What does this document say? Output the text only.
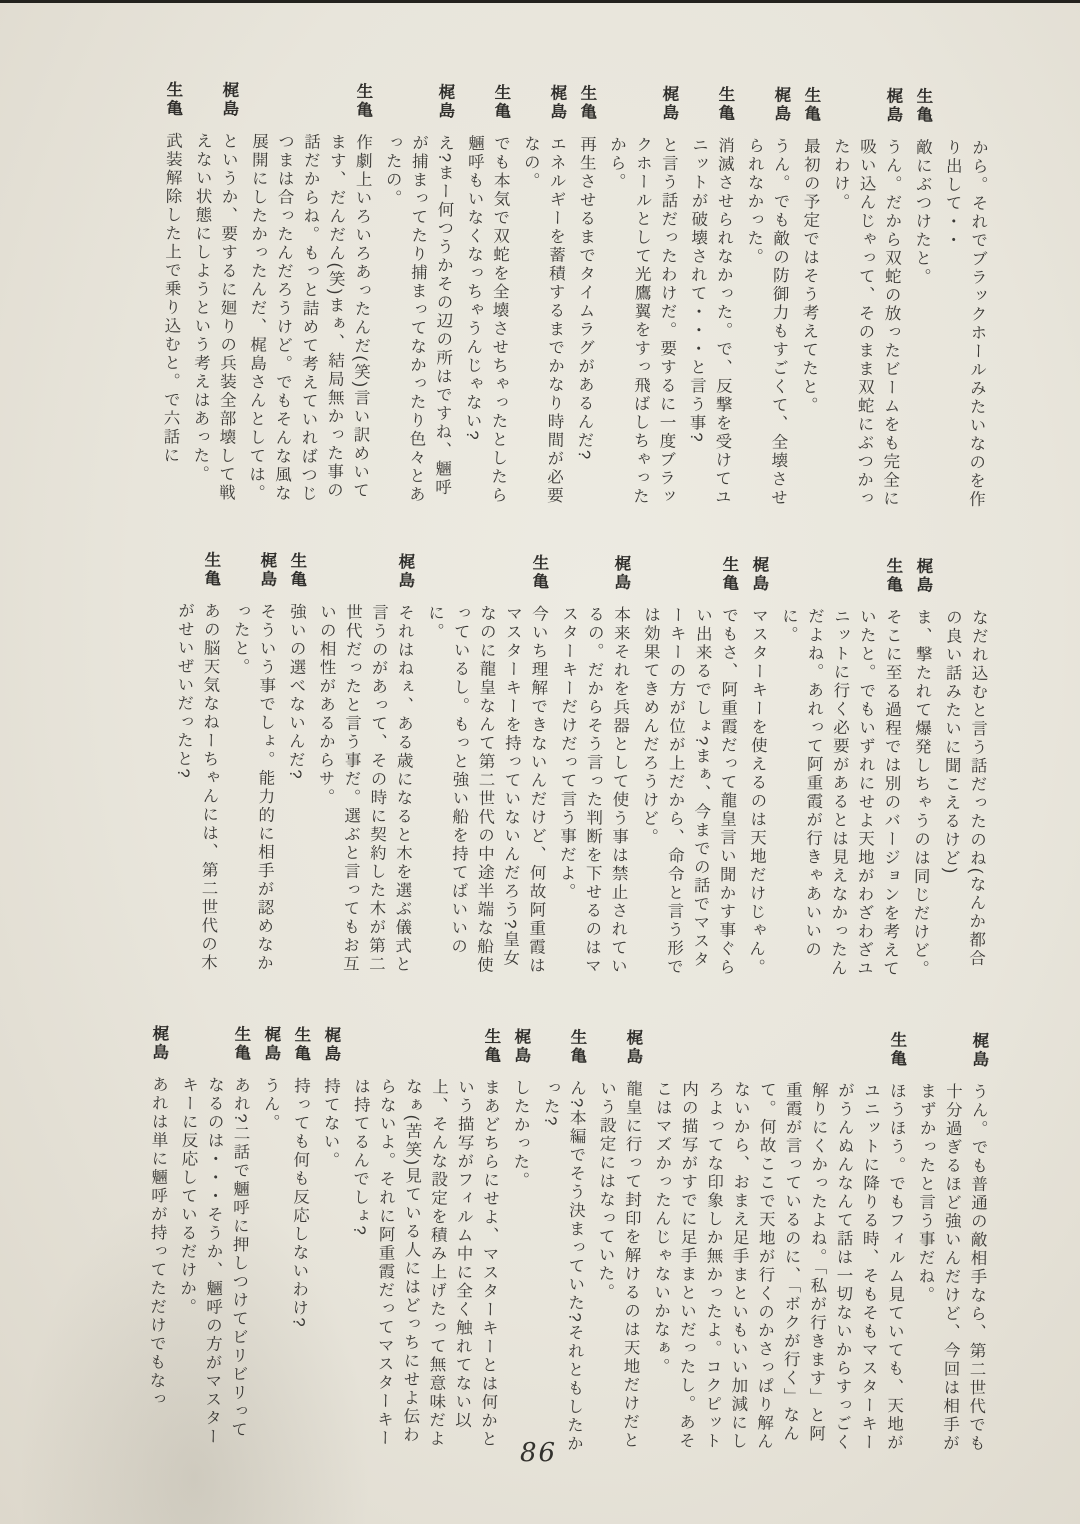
から。それでブラックホールみたいなのを作り出して・・

生亀敵にぶつけたと。

梶島うん。だから双蛇の放ったビームをも完全に吸い込んじゃって、そのまま双蛇にぶつかったわけ。

生亀最初の予定ではそう考えてたと。

梶島うん。でも敵の防御力もすごくて、全壊させられなかった。

生亀消滅させられなかった。で、反撃を受けてユニットが破壊されて・・・と言う事?

梶島と言う話だったわけだ。要するに一度ブラックホールとして光鷹翼をすっ飛ばしちゃったから。

生亀再生させるまでタイムラグがあるんだ?

梶島エネルギーを蓄積するまでかなり時間が必要なの。

生亀でも本気で双蛇を全壊させちゃったとしたら魎呼もいなくなっちゃうんじゃない?

梶島え?まー何つうかその辺の所はですね、魎呼が捕まってたり捕まってなかったり色々とあったの。

生亀作劇上いろいろあったんだ(笑)言い訳めいてます、だんだん(笑)まぁ、結局無かった事の話だからね。もっと詰めて考えていればつじつまは合ったんだろうけど。でもそんな風な展開にしたかったんだ、梶島さんとしては。

梶島というか、要するに廻りの兵装全部壊して戦えない状態にしようという考えはあった。

生亀武装解除した上で乗り込むと。で六話に

なだれ込むと言う話だったのね(なんか都合の良い話みたいに聞こえるけど)

梶島ま、撃たれて爆発しちゃうのは同じだけど。

生亀そこに至る過程では別のバージョンを考えていたと。でもいずれにせよ天地がわざわざユニットに行く必要があるとは見えなかったんだよね。あれって阿重霞が行きゃあいいのに。

梶島マスターキーを使えるのは天地だけじゃん。

生亀でもさ、阿重霞だって龍皇言い聞かす事ぐらい出来るでしょ?まぁ、今までの話でマスターキーの方が位が上だから、命令と言う形では効果てきめんだろうけど。

梶島本来それを兵器として使う事は禁止されているの。だからそう言った判断を下せるのはマスターキーだけだって言う事だよ。

生亀今いち理解できないんだけど、何故阿重霞はマスターキーを持っていないんだろう?皇女なのに龍皇なんて第二世代の中途半端な船使っているし。もっと強い船を持てばいいのに。

梶島それはねぇ、ある歳になると木を選ぶ儀式と言うのがあって、その時に契約した木が第二世代だったと言う事だ。選ぶと言ってもお互いの相性があるからサ。

生亀強いの選べないんだ?

梶島そういう事でしょ。能力的に相手が認めなかったと。

生亀あの脳天気なねーちゃんには、第二世代の木がせいぜいだったと?

梶島うん。でも普通の敵相手なら、第二世代でも十分過ぎるほど強いんだけど、今回は相手がまずかったと言う事だね。

生亀ほうほう。でもフィルム見ていても、天地がユニットに降りる時、そもそもマスターキーがうんぬんなんて話は一切ないからすっごく解りにくかったよね。「私が行きます」と阿重霞が言っているのに、「ボクが行く」なんて。何故ここで天地が行くのかさっぱり解んないから、おまえ足手まといもいい加減にしろよってな印象しか無かったよ。コクピット内の描写がすでに足手まといだったし。あそこはマズかったんじゃないかなぁ。

梶島龍皇に行って封印を解けるのは天地だけだという設定にはなっていた。

生亀ん?本編でそう決まっていた?それともしたかった?

梶島したかった。

生亀まあどちらにせよ、マスターキーとは何かという描写がフィルム中に全く触れてない以上、そんな設定を積み上げたって無意味だよなぁ(苦笑)見ている人にはどっちにせよ伝わらないよ。それに阿重霞だってマスターキーは持てるんでしょ?

梶島持てない。

生亀持っても何も反応しないわけ?

梶島うん。

生亀あれ?二話で魎呼に押しつけてビリビリってなるのは・・・そうか、魎呼の方がマスターキーに反応しているだけか。

梶島あれは単に魎呼が持ってただけでもなっ

86
